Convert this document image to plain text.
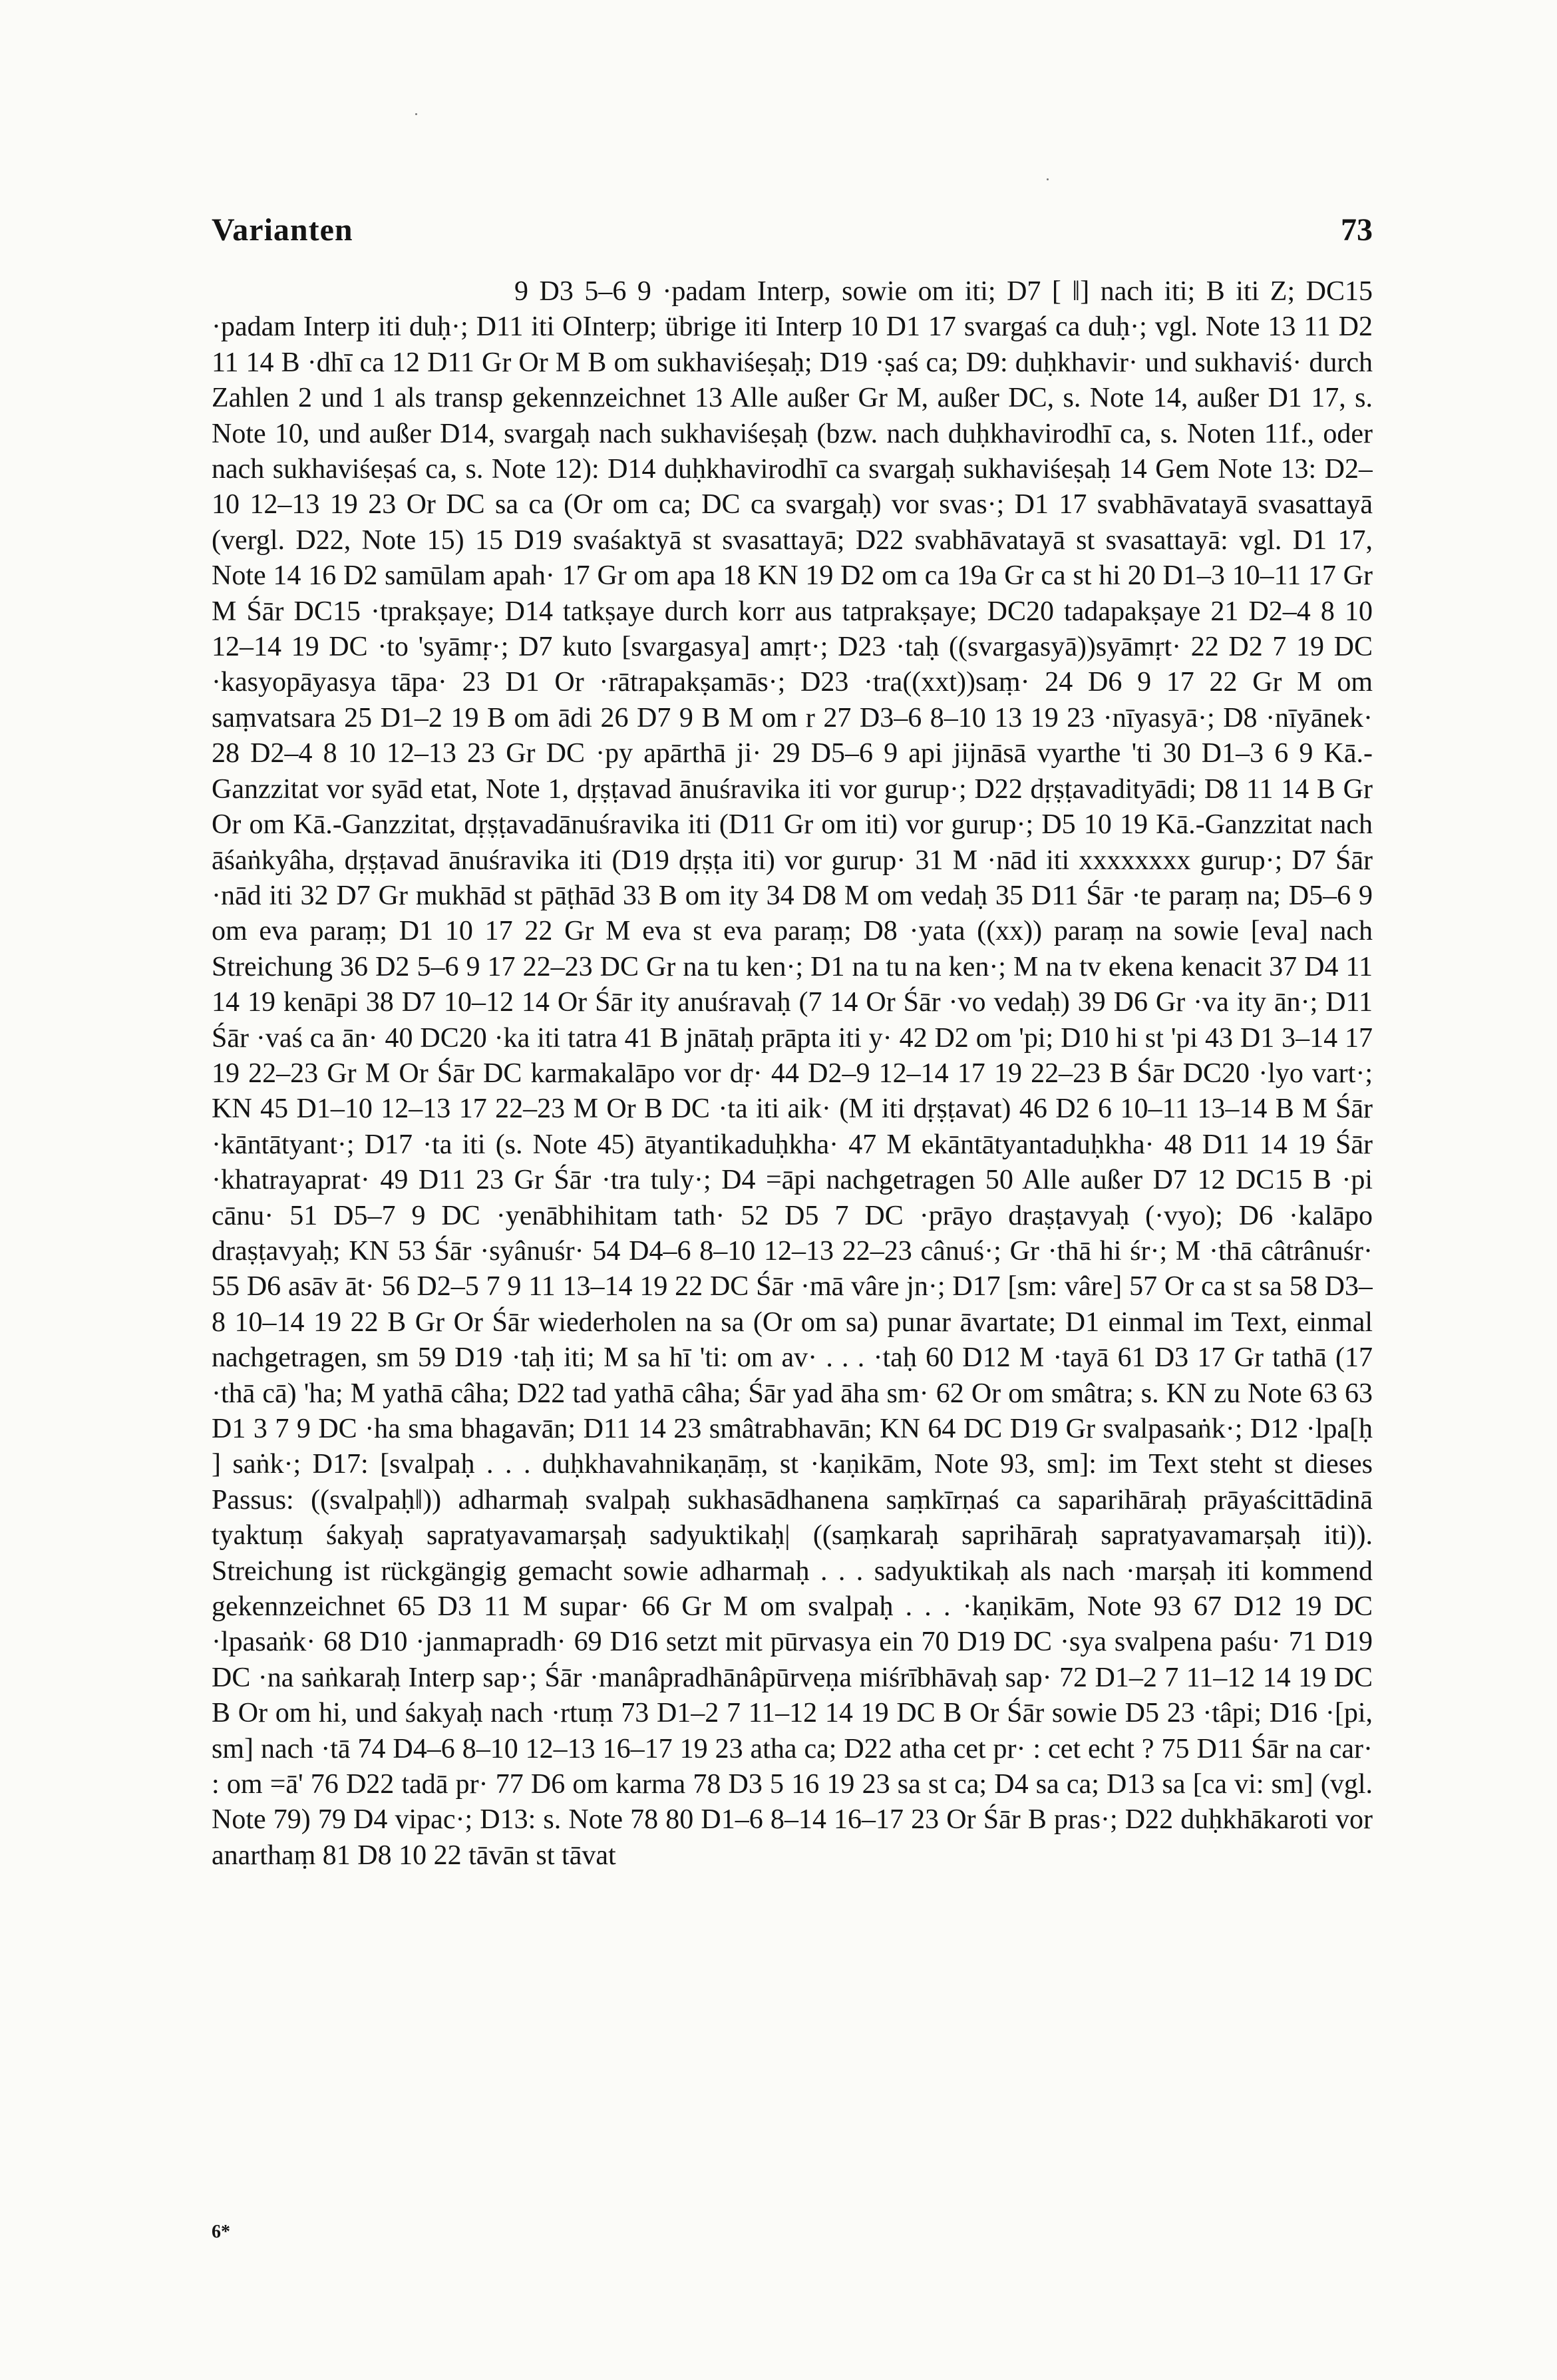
Varianten	73
9 D3 5–6 9 ·padam Interp, sowie om iti; D7 [ ‖] nach iti; B iti Z; DC15 ·padam Interp iti duḥ·; D11 iti OInterp; übrige iti Interp 10 D1 17 svargaś ca duḥ·; vgl. Note 13 11 D2 11 14 B ·dhī ca 12 D11 Gr Or M B om sukhaviśeṣaḥ; D19 ·ṣaś ca; D9: duḥkhavir· und sukhaviś· durch Zahlen 2 und 1 als transp gekennzeichnet 13 Alle außer Gr M, außer DC, s. Note 14, außer D1 17, s. Note 10, und außer D14, svargaḥ nach sukhaviśeṣaḥ (bzw. nach duḥkhavirodhī ca, s. Noten 11f., oder nach sukhaviśeṣaś ca, s. Note 12): D14 duḥkhavirodhī ca svargaḥ sukhaviśeṣaḥ 14 Gem Note 13: D2–10 12–13 19 23 Or DC sa ca (Or om ca; DC ca svargaḥ) vor svas·; D1 17 svabhāvatayā svasattayā (vergl. D22, Note 15) 15 D19 svaśaktyā st svasattayā; D22 svabhāvatayā st svasattayā: vgl. D1 17, Note 14 16 D2 samūlam apah· 17 Gr om apa 18 KN 19 D2 om ca 19a Gr ca st hi 20 D1–3 10–11 17 Gr M Śār DC15 ·tprakṣaye; D14 tatkṣaye durch korr aus tatprakṣaye; DC20 tadapakṣaye 21 D2–4 8 10 12–14 19 DC ·to 'syāmṛ·; D7 kuto [svargasya] amṛt·; D23 ·taḥ ((svargasyā))syāmṛt· 22 D2 7 19 DC ·kasyopāyasya tāpa· 23 D1 Or ·rātrapakṣamās·; D23 ·tra((xxt))saṃ· 24 D6 9 17 22 Gr M om saṃvatsara 25 D1–2 19 B om ādi 26 D7 9 B M om r 27 D3–6 8–10 13 19 23 ·nīyasyā·; D8 ·nīyānek· 28 D2–4 8 10 12–13 23 Gr DC ·py apārthā ji· 29 D5–6 9 api jijnāsā vyarthe 'ti 30 D1–3 6 9 Kā.-Ganzzitat vor syād etat, Note 1, dṛṣṭavad ānuśravika iti vor gurup·; D22 dṛṣṭavadityādi; D8 11 14 B Gr Or om Kā.-Ganzzitat, dṛṣṭavadānuśravika iti (D11 Gr om iti) vor gurup·; D5 10 19 Kā.-Ganzzitat nach āśaṅkyâha, dṛṣṭavad ānuśravika iti (D19 dṛṣṭa iti) vor gurup· 31 M ·nād iti xxxxxxxx gurup·; D7 Śār ·nād iti 32 D7 Gr mukhād st pāṭhād 33 B om ity 34 D8 M om vedaḥ 35 D11 Śār ·te paraṃ na; D5–6 9 om eva paraṃ; D1 10 17 22 Gr M eva st eva paraṃ; D8 ·yata ((xx)) paraṃ na sowie [eva] nach Streichung 36 D2 5–6 9 17 22–23 DC Gr na tu ken·; D1 na tu na ken·; M na tv ekena kenacit 37 D4 11 14 19 kenāpi 38 D7 10–12 14 Or Śār ity anuśravaḥ (7 14 Or Śār ·vo vedaḥ) 39 D6 Gr ·va ity ān·; D11 Śār ·vaś ca ān· 40 DC20 ·ka iti tatra 41 B jnātaḥ prāpta iti y· 42 D2 om 'pi; D10 hi st 'pi 43 D1 3–14 17 19 22–23 Gr M Or Śār DC karmakalāpo vor dṛ· 44 D2–9 12–14 17 19 22–23 B Śār DC20 ·lyo vart·; KN 45 D1–10 12–13 17 22–23 M Or B DC ·ta iti aik· (M iti dṛṣṭavat) 46 D2 6 10–11 13–14 B M Śār ·kāntātyant·; D17 ·ta iti (s. Note 45) ātyantikaduḥkha· 47 M ekāntātyantaduḥkha· 48 D11 14 19 Śār ·khatrayaprat· 49 D11 23 Gr Śār ·tra tuly·; D4 =āpi nachgetragen 50 Alle außer D7 12 DC15 B ·pi cānu· 51 D5–7 9 DC ·yenābhihitam tath· 52 D5 7 DC ·prāyo draṣṭavyaḥ (·vyo); D6 ·kalāpo draṣṭavyaḥ; KN 53 Śār ·syânuśr· 54 D4–6 8–10 12–13 22–23 cânuś·; Gr ·thā hi śr·; M ·thā câtrânuśr· 55 D6 asāv āt· 56 D2–5 7 9 11 13–14 19 22 DC Śār ·mā vâre jn·; D17 [sm: vâre] 57 Or ca st sa 58 D3–8 10–14 19 22 B Gr Or Śār wiederholen na sa (Or om sa) punar āvartate; D1 einmal im Text, einmal nachgetragen, sm 59 D19 ·taḥ iti; M sa hī 'ti: om av· . . . ·taḥ 60 D12 M ·tayā 61 D3 17 Gr tathā (17 ·thā cā) 'ha; M yathā câha; D22 tad yathā câha; Śār yad āha sm· 62 Or om smâtra; s. KN zu Note 63 63 D1 3 7 9 DC ·ha sma bhagavān; D11 14 23 smâtrabhavān; KN 64 DC D19 Gr svalpasaṅk·; D12 ·lpa[ḥ ] saṅk·; D17: [svalpaḥ . . . duḥkhavahnikaṇāṃ, st ·kaṇikām, Note 93, sm]: im Text steht st dieses Passus: ((svalpaḥ‖)) adharmaḥ svalpaḥ sukhasādhanena saṃkīrṇaś ca saparihāraḥ prāyaścittādinā tyaktuṃ śakyaḥ sapratyavamarṣaḥ sadyuktikaḥ| ((saṃkaraḥ saprihāraḥ sapratyavamarṣaḥ iti)). Streichung ist rückgängig gemacht sowie adharmaḥ . . . sadyuktikaḥ als nach ·marṣaḥ iti kommend gekennzeichnet 65 D3 11 M supar· 66 Gr M om svalpaḥ . . . ·kaṇikām, Note 93 67 D12 19 DC ·lpasaṅk· 68 D10 ·janmapradh· 69 D16 setzt mit pūrvasya ein 70 D19 DC ·sya svalpena paśu· 71 D19 DC ·na saṅkaraḥ Interp sap·; Śār ·manâpradhānâpūrveṇa miśrībhāvaḥ sap· 72 D1–2 7 11–12 14 19 DC B Or om hi, und śakyaḥ nach ·rtuṃ 73 D1–2 7 11–12 14 19 DC B Or Śār sowie D5 23 ·tâpi; D16 ·[pi, sm] nach ·tā 74 D4–6 8–10 12–13 16–17 19 23 atha ca; D22 atha cet pr· : cet echt ? 75 D11 Śār na car· : om =ā' 76 D22 tadā pr· 77 D6 om karma 78 D3 5 16 19 23 sa st ca; D4 sa ca; D13 sa [ca vi: sm] (vgl. Note 79) 79 D4 vipac·; D13: s. Note 78 80 D1–6 8–14 16–17 23 Or Śār B pras·; D22 duḥkhākaroti vor anarthaṃ 81 D8 10 22 tāvān st tāvat
6*
